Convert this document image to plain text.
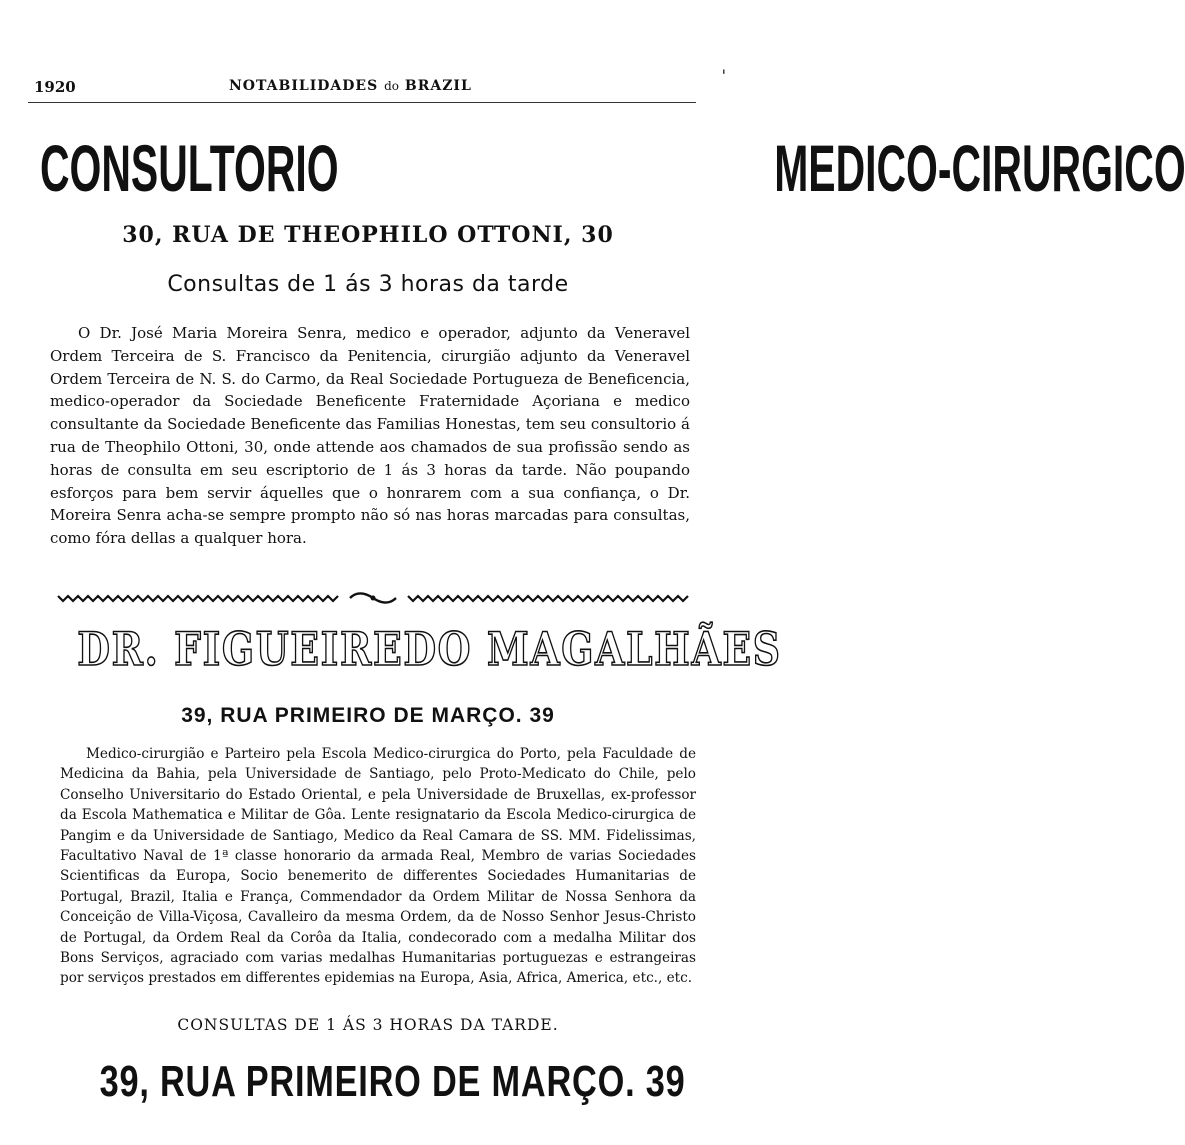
1920	NOTABILIDADES do BRAZIL
'
CONSULTORIO	MEDICO-CIRURGICO
30, RUA DE THEOPHILO OTTONI, 30
Consultas de 1 ás 3 horas da tarde
O Dr. José Maria Moreira Senra, medico e operador, adjunto da Veneravel Ordem Terceira de S. Francisco da Penitencia, cirurgião adjunto da Veneravel Ordem Terceira de N. S. do Carmo, da Real Sociedade Portugueza de Beneficencia, medico-operador da Sociedade Beneficente Fraternidade Açoriana e medico consultante da Sociedade Beneficente das Familias Honestas, tem seu consultorio á rua de Theophilo Ottoni, 30, onde attende aos chamados de sua profissão sendo as horas de consulta em seu escriptorio de 1 ás 3 horas da tarde. Não poupando esforços para bem servir áquelles que o honrarem com a sua confiança, o Dr. Moreira Senra acha-se sempre prompto não só nas horas marcadas para consultas, como fóra dellas a qualquer hora.
DR. FIGUEIREDO MAGALHÃES
39, RUA PRIMEIRO DE MARÇO. 39
Medico-cirurgião e Parteiro pela Escola Medico-cirurgica do Porto, pela Faculdade de Medicina da Bahia, pela Universidade de Santiago, pelo Proto-Medicato do Chile, pelo Conselho Universitario do Estado Oriental, e pela Universidade de Bruxellas, ex-professor da Escola Mathematica e Militar de Gôa. Lente resignatario da Escola Medico-cirurgica de Pangim e da Universidade de Santiago, Medico da Real Camara de SS. MM. Fidelissimas, Facultativo Naval de 1ª classe honorario da armada Real, Membro de varias Sociedades Scientificas da Europa, Socio benemerito de differentes Sociedades Humanitarias de Portugal, Brazil, Italia e França, Commendador da Ordem Militar de Nossa Senhora da Conceição de Villa-Viçosa, Cavalleiro da mesma Ordem, da de Nosso Senhor Jesus-Christo de Portugal, da Ordem Real da Corôa da Italia, condecorado com a medalha Militar dos Bons Serviços, agraciado com varias medalhas Humanitarias portuguezas e estrangeiras por serviços prestados em differentes epidemias na Europa, Asia, Africa, America, etc., etc.
CONSULTAS DE 1 ÁS 3 HORAS DA TARDE.
39, RUA PRIMEIRO DE MARÇO. 39
